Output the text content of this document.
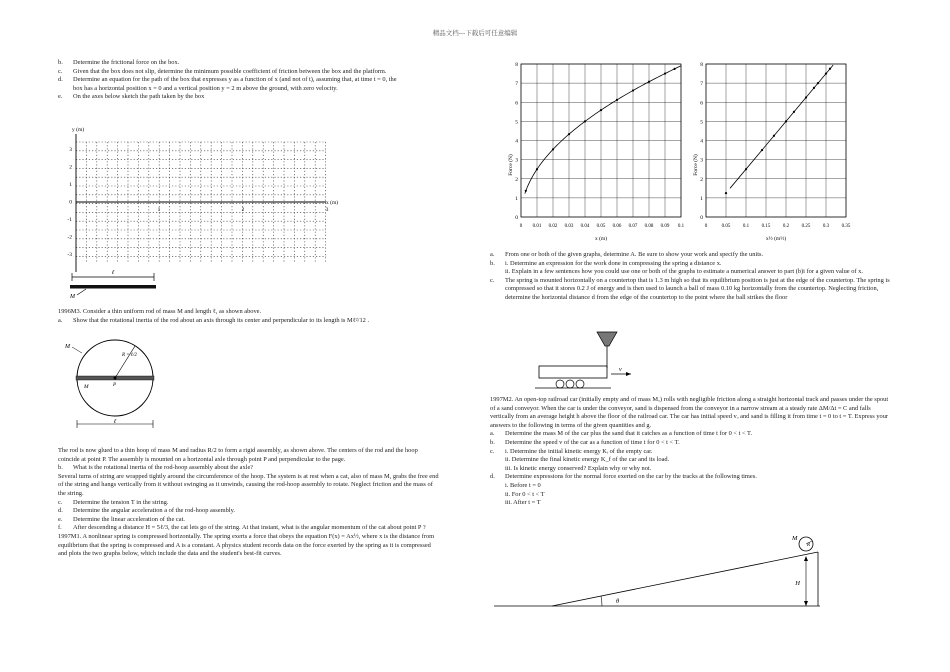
精品文档---下载后可任意编辑
b. Determine the frictional force on the box.
c. Given that the box does not slip, determine the minimum possible coefficient of friction between the box and the platform.
d. Determine an equation for the path of the box that expresses y as a function of x (and not of t), assuming that, at time t = 0, the box has a horizontal position x = 0 and a vertical position y = 2 m above the ground, with zero velocity.
e. On the axes below sketch the path taken by the box
y (m)
x (m)
3
2
1
0
-1
-2
-3
1	2	3
ℓ
M
1996M3. Consider a thin uniform rod of mass M and length ℓ, as shown above.
a. Show that the rotational inertia of the rod about an axis through its center and perpendicular to its length is Mℓ²/12 .
R = ℓ/2
M
P
M
ℓ
The rod is now glued to a thin hoop of mass M and radius R/2 to form a rigid assembly, as shown above. The centers of the rod and the hoop coincide at point P. The assembly is mounted on a horizontal axle through point P and perpendicular to the page.
b. What is the rotational inertia of the rod-hoop assembly about the axle?
Several turns of string are wrapped tightly around the circumference of the hoop. The system is at rest when a cat, also of mass M, grabs the free end of the string and hangs vertically from it without swinging as it unwinds, causing the rod-hoop assembly to rotate. Neglect friction and the mass of the string.
c. Determine the tension T in the string.
d. Determine the angular acceleration a of the rod-hoop assembly.
e. Determine the linear acceleration of the cat.
f. After descending a distance H = 5ℓ/3, the cat lets go of the string. At that instant, what is the angular momentum of the cat about point P ?
1997M1. A nonlinear spring is compressed horizontally. The spring exerts a force that obeys the equation F(x) = Ax½, where x is the distance from equilibrium that the spring is compressed and A is a constant. A physics student records data on the force exerted by the spring as it is compressed and plots the two graphs below, which include the data and the student's best-fit curves.
0
1
2
3
4
5
6
7
8
0 0.01 0.02 0.03 0.04 0.05 0.06 0.07 0.08 0.09 0.1
Force (N)
x (m)
0
1
2
3
4
5
6
7
8
0	0.05	0.1	0.15	0.2	0.25	0.3	0.35
Force (N)
x½ (m½)
a. From one or both of the given graphs, determine A. Be sure to show your work and specify the units.
b. i. Determine an expression for the work done in compressing the spring a distance x.
ii. Explain in a few sentences how you could use one or both of the graphs to estimate a numerical answer to part (b)i for a given value of x.
c. The spring is mounted horizontally on a countertop that is 1.3 m high so that its equilibrium position is just at the edge of the countertop. The spring is compressed so that it stores 0.2 J of energy and is then used to launch a ball of mass 0.10 kg horizontally from the countertop. Neglecting friction, determine the horizontal distance d from the edge of the countertop to the point where the ball strikes the floor
v
1997M2. An open-top railroad car (initially empty and of mass Mₒ) rolls with negligible friction along a straight horizontal track and passes under the spout of a sand conveyor. When the car is under the conveyor, sand is dispensed from the conveyor in a narrow stream at a steady rate ΔM/Δt = C and falls vertically from an average height h above the floor of the railroad car. The car has initial speed vₒ and sand is filling it from time t = 0 to t = T. Express your answers to the following in terms of the given quantities and g.
a. Determine the mass M of the car plus the sand that it catches as a function of time t for 0 < t < T.
b. Determine the speed v of the car as a function of time t for 0 < t < T.
c. i. Determine the initial kinetic energy Kᵢ of the empty car.
ii. Determine the final kinetic energy K_f of the car and its load.
iii. Is kinetic energy conserved? Explain why or why not.
d. Determine expressions for the normal force exerted on the car by the tracks at the following times.
i. Before t = 0
ii. For 0 < t < T
iii. After t = T
M
R
H
θ
